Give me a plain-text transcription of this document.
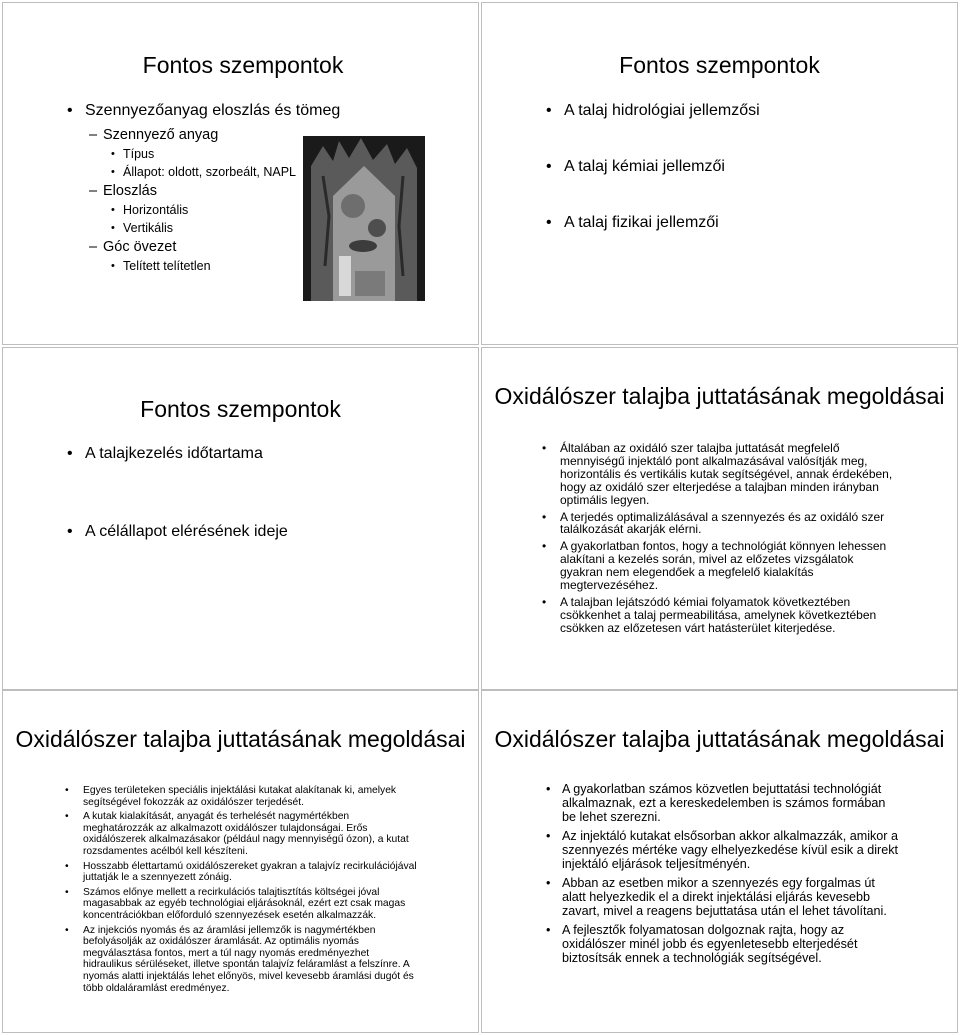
Fontos szempontok
• Szennyezőanyag eloszlás és tömeg
– Szennyező anyag
• Típus
• Állapot: oldott, szorbeált, NAPL
– Eloszlás
• Horizontális
• Vertikális
– Góc övezet
• Telített telítetlen
Fontos szempontok
• A talaj hidrológiai jellemzősi
• A talaj kémiai jellemzői
• A talaj fizikai jellemzői
Fontos szempontok
• A talajkezelés időtartama
• A célállapot elérésének ideje
Oxidálószer talajba juttatásának megoldásai
• Általában az oxidáló szer talajba juttatását megfelelő mennyiségű injektáló pont alkalmazásával valósítják meg, horizontális és vertikális kutak segítségével, annak érdekében, hogy az oxidáló szer elterjedése a talajban minden irányban optimális legyen.
• A terjedés optimalizálásával a szennyezés és az oxidáló szer találkozását akarják elérni.
• A gyakorlatban fontos, hogy a technológiát könnyen lehessen alakítani a kezelés során, mivel az előzetes vizsgálatok gyakran nem elegendőek a megfelelő kialakítás megtervezéséhez.
• A talajban lejátszódó kémiai folyamatok következtében csökkenhet a talaj permeabilitása, amelynek következtében csökken az előzetesen várt hatásterület kiterjedése.
Oxidálószer talajba juttatásának megoldásai
• Egyes területeken speciális injektálási kutakat alakítanak ki, amelyek segítségével fokozzák az oxidálószer terjedését.
• A kutak kialakítását, anyagát és terhelését nagymértékben meghatározzák az alkalmazott oxidálószer tulajdonságai. Erős oxidálószerek alkalmazásakor (például nagy mennyiségű ózon), a kutat rozsdamentes acélból kell készíteni.
• Hosszabb élettartamú oxidálószereket gyakran a talajvíz recirkulációjával juttatják le a szennyezett zónáig.
• Számos előnye mellett a recirkulációs talajtisztítás költségei jóval magasabbak az egyéb technológiai eljárásoknál, ezért ezt csak magas koncentrációkban előforduló szennyezések esetén alkalmazzák.
• Az injekciós nyomás és az áramlási jellemzők is nagymértékben befolyásolják az oxidálószer áramlását. Az optimális nyomás megválasztása fontos, mert a túl nagy nyomás eredményezhet hidraulikus sérüléseket, illetve spontán talajvíz feláramlást a felszínre. A nyomás alatti injektálás lehet előnyös, mivel kevesebb áramlási dugót és több oldaláramlást eredményez.
Oxidálószer talajba juttatásának megoldásai
• A gyakorlatban számos közvetlen bejuttatási technológiát alkalmaznak, ezt a kereskedelemben is számos formában be lehet szerezni.
• Az injektáló kutakat elsősorban akkor alkalmazzák, amikor a szennyezés mértéke vagy elhelyezkedése kívül esik a direkt injektáló eljárások teljesítményén.
• Abban az esetben mikor a szennyezés egy forgalmas út alatt helyezkedik el a direkt injektálási eljárás kevesebb zavart, mivel a reagens bejuttatása után el lehet távolítani.
• A fejlesztők folyamatosan dolgoznak rajta, hogy az oxidálószer minél jobb és egyenletesebb elterjedését biztosítsák ennek a technológiák segítségével.
